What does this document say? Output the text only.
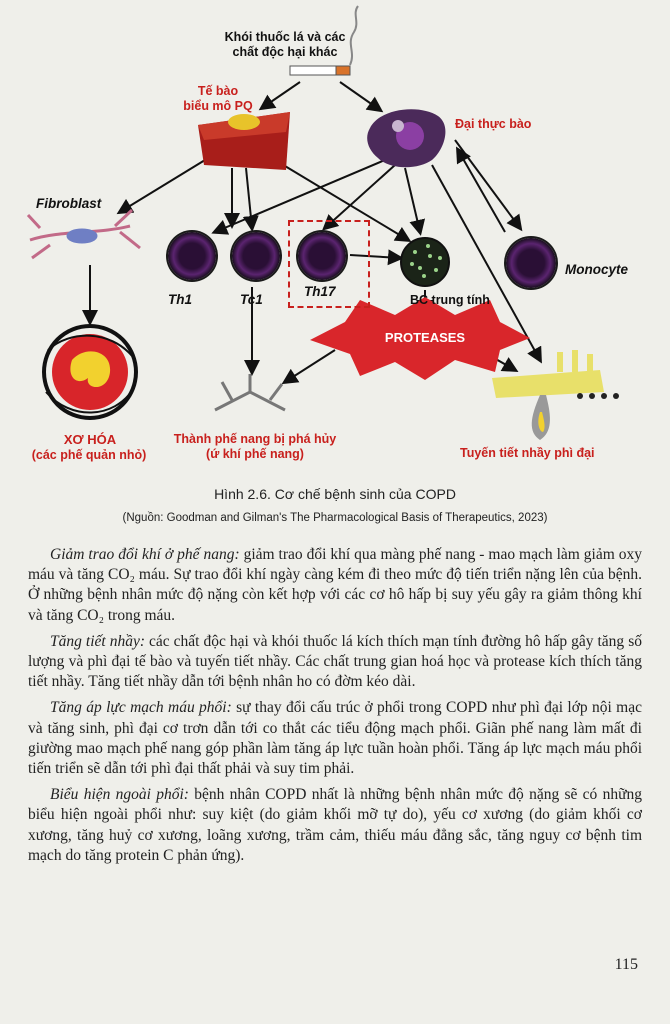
Khói thuốc lá và các
chất độc hại khác
Tế bào
biểu mô PQ
Đại thực bào
Fibroblast
Th1	Tc1
Th17
BC trung tính
Monocyte
PROTEASES
XƠ HÓA
(các phế quản nhỏ)
Thành phế nang bị phá hủy
(ứ khí phế nang)	Tuyến tiết nhầy phì đại
Hình 2.6. Cơ chế bệnh sinh của COPD
(Nguồn: Goodman and Gilman's The Pharmacological Basis of Therapeutics, 2023)

Giảm trao đổi khí ở phế nang: giảm trao đổi khí qua màng phế nang - mao mạch làm giảm oxy máu và tăng CO₂ máu. Sự trao đổi khí ngày càng kém đi theo mức độ tiến triển nặng lên của bệnh. Ở những bệnh nhân mức độ nặng còn kết hợp với các cơ hô hấp bị suy yếu gây ra giảm thông khí và tăng CO₂ trong máu.

Tăng tiết nhầy: các chất độc hại và khói thuốc lá kích thích mạn tính đường hô hấp gây tăng số lượng và phì đại tế bào và tuyến tiết nhầy. Các chất trung gian hoá học và protease kích thích tăng tiết nhầy. Tăng tiết nhầy dẫn tới bệnh nhân ho có đờm kéo dài.

Tăng áp lực mạch máu phổi: sự thay đổi cấu trúc ở phổi trong COPD như phì đại lớp nội mạc và tăng sinh, phì đại cơ trơn dẫn tới co thắt các tiểu động mạch phổi. Giãn phế nang làm mất đi giường mao mạch phế nang góp phần làm tăng áp lực tuần hoàn phổi. Tăng áp lực mạch máu phổi tiến triển sẽ dẫn tới phì đại thất phải và suy tim phải.

Biểu hiện ngoài phổi: bệnh nhân COPD nhất là những bệnh nhân mức độ nặng sẽ có những biểu hiện ngoài phổi như: suy kiệt (do giảm khối mỡ tự do), yếu cơ xương (do giảm khối cơ xương, tăng huỷ cơ xương, loãng xương, trầm cảm, thiếu máu đẳng sắc, tăng nguy cơ bệnh tim mạch do tăng protein C phản ứng).

115
